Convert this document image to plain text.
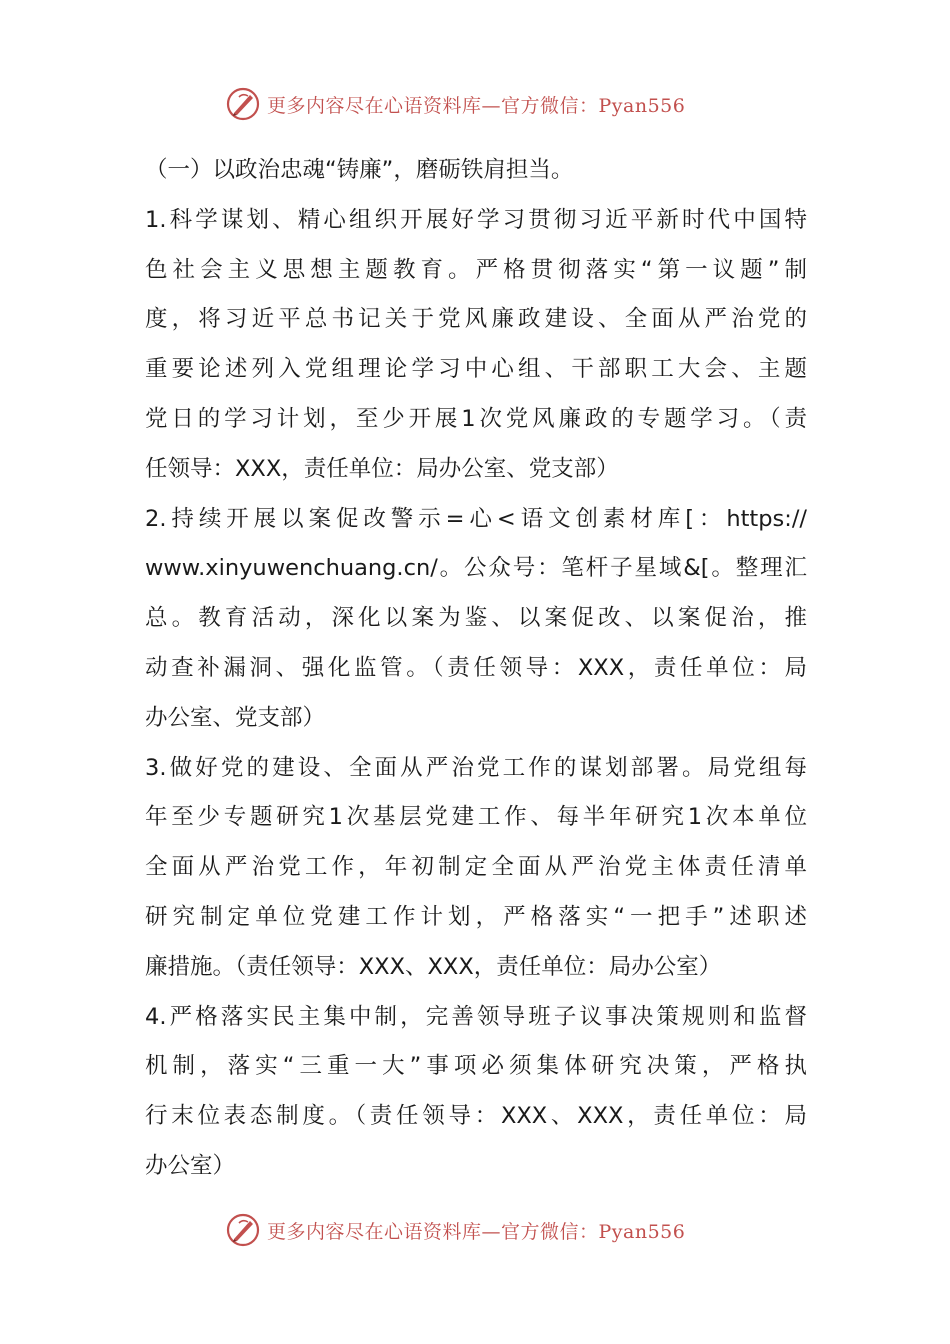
更多内容尽在心语资料库—官方微信：Pyan556
（一）以政治忠魂“铸廉”，磨砺铁肩担当。
1.科学谋划、精心组织开展好学习贯彻习近平新时代中国特
色社会主义思想主题教育。严格贯彻落实“第一议题”制
度，将习近平总书记关于党风廉政建设、全面从严治党的
重要论述列入党组理论学习中心组、干部职工大会、主题
党日的学习计划，至少开展1次党风廉政的专题学习。（责
任领导：XXX，责任单位：局办公室、党支部）
2.持续开展以案促改警示=心<语文创素材库[：https://
www.xinyuwenchuang.cn/。公众号：笔杆子星域&[。整理汇
总。教育活动，深化以案为鉴、以案促改、以案促治，推
动查补漏洞、强化监管。（责任领导：XXX，责任单位：局
办公室、党支部）
3.做好党的建设、全面从严治党工作的谋划部署。局党组每
年至少专题研究1次基层党建工作、每半年研究1次本单位
全面从严治党工作，年初制定全面从严治党主体责任清单
研究制定单位党建工作计划，严格落实“一把手”述职述
廉措施。（责任领导：XXX、XXX，责任单位：局办公室）
4.严格落实民主集中制，完善领导班子议事决策规则和监督
机制，落实“三重一大”事项必须集体研究决策，严格执
行末位表态制度。（责任领导：XXX、XXX，责任单位：局
办公室）
更多内容尽在心语资料库—官方微信：Pyan556
